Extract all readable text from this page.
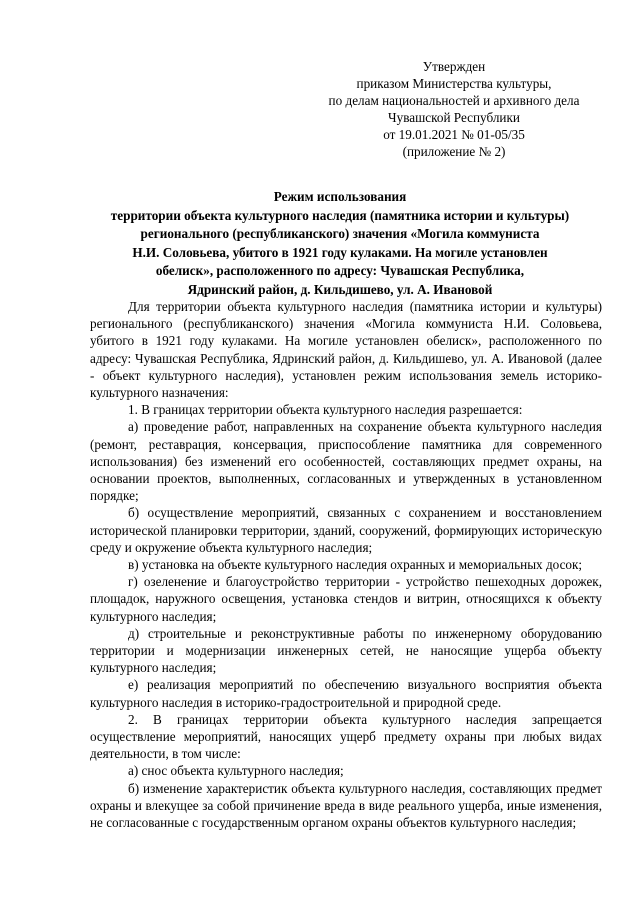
Утвержден
приказом Министерства культуры,
по делам национальностей и архивного дела
Чувашской Республики
от 19.01.2021 № 01-05/35
(приложение № 2)
Режим использования
территории объекта культурного наследия (памятника истории и культуры)
регионального (республиканского) значения «Могила коммуниста
Н.И. Соловьева, убитого в 1921 году кулаками. На могиле установлен
обелиск», расположенного по адресу: Чувашская Республика,
Ядринский район, д. Кильдишево, ул. А. Ивановой

Для территории объекта культурного наследия (памятника истории и культуры) регионального (республиканского) значения «Могила коммуниста Н.И. Соловьева, убитого в 1921 году кулаками. На могиле установлен обелиск», расположенного по адресу: Чувашская Республика, Ядринский район, д. Кильдишево, ул. А. Ивановой (далее - объект культурного наследия), установлен режим использования земель историко-культурного назначения:

1. В границах территории объекта культурного наследия разрешается:

а) проведение работ, направленных на сохранение объекта культурного наследия (ремонт, реставрация, консервация, приспособление памятника для современного использования) без изменений его особенностей, составляющих предмет охраны, на основании проектов, выполненных, согласованных и утвержденных в установленном порядке;

б) осуществление мероприятий, связанных с сохранением и восстановлением исторической планировки территории, зданий, сооружений, формирующих историческую среду и окружение объекта культурного наследия;

в) установка на объекте культурного наследия охранных и мемориальных досок;

г) озеленение и благоустройство территории - устройство пешеходных дорожек, площадок, наружного освещения, установка стендов и витрин, относящихся к объекту культурного наследия;

д) строительные и реконструктивные работы по инженерному оборудованию территории и модернизации инженерных сетей, не наносящие ущерба объекту культурного наследия;

е) реализация мероприятий по обеспечению визуального восприятия объекта культурного наследия в историко-градостроительной и природной среде.

2. В границах территории объекта культурного наследия запрещается осуществление мероприятий, наносящих ущерб предмету охраны при любых видах деятельности, в том числе:

а) снос объекта культурного наследия;

б) изменение характеристик объекта культурного наследия, составляющих предмет охраны и влекущее за собой причинение вреда в виде реального ущерба, иные изменения, не согласованные с государственным органом охраны объектов культурного наследия;
